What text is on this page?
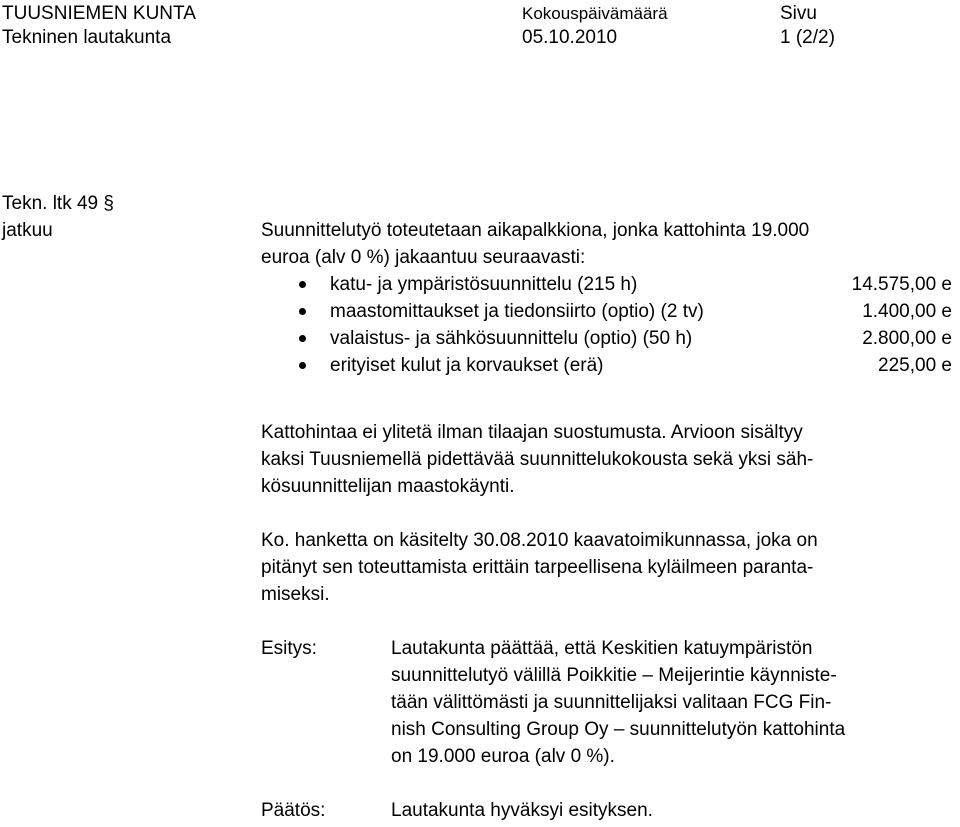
TUUSNIEMEN KUNTA
Tekninen lautakunta
Kokouspäivämäärä
05.10.2010
Sivu
1 (2/2)
Tekn. ltk 49 §
jatkuu	Suunnittelutyö toteutetaan aikapalkkiona, jonka kattohinta 19.000
euroa (alv 0 %) jakaantuu seuraavasti:
katu- ja ympäristösuunnittelu (215 h)	14.575,00 e
maastomittaukset ja tiedonsiirto (optio) (2 tv)	1.400,00 e
valaistus- ja sähkösuunnittelu (optio) (50 h)	2.800,00 e
erityiset kulut ja korvaukset (erä)	225,00 e
Kattohintaa ei ylitetä ilman tilaajan suostumusta. Arvioon sisältyy
kaksi Tuusniemellä pidettävää suunnittelukokousta sekä yksi säh-
kösuunnittelijan maastokäynti.
Ko. hanketta on käsitelty 30.08.2010 kaavatoimikunnassa, joka on
pitänyt sen toteuttamista erittäin tarpeellisena kyläilmeen paranta-
miseksi.
Esitys:	Lautakunta päättää, että Keskitien katuympäristön
suunnittelutyö välillä Poikkitie – Meijerintie käynniste-
tään välittömästi ja suunnittelijaksi valitaan FCG Fin-
nish Consulting Group Oy – suunnittelutyön kattohinta
on 19.000 euroa (alv 0 %).
Päätös:	Lautakunta hyväksyi esityksen.
